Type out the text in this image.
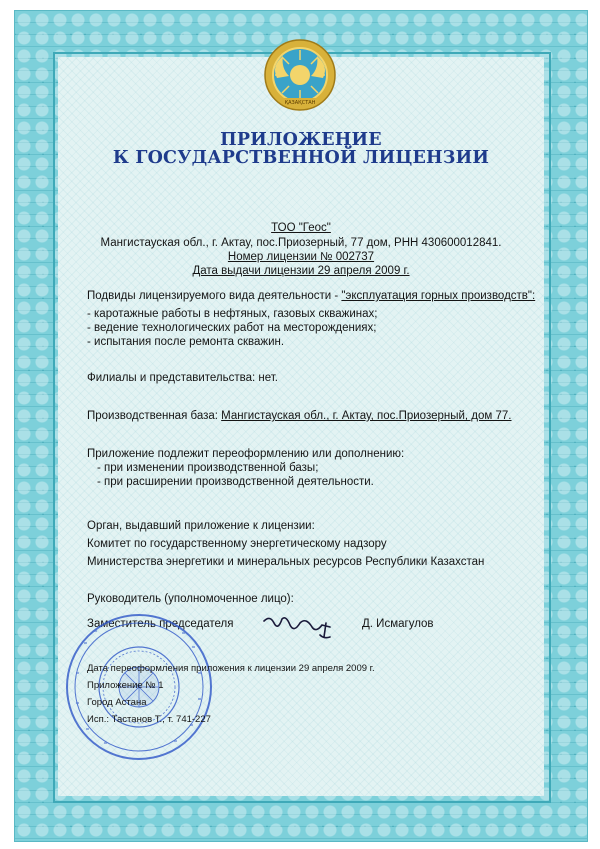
ҚАЗАҚСТАН
ПРИЛОЖЕНИЕ
К ГОСУДАРСТВЕННОЙ ЛИЦЕНЗИИ
ТОО "Геос"
Мангистауская обл., г. Актау, пос.Приозерный, 77 дом, РНН 430600012841.
Номер лицензии № 002737
Дата выдачи лицензии 29 апреля 2009 г.
Подвиды лицензируемого вида деятельности - "эксплуатация горных производств":
- каротажные работы в нефтяных, газовых скважинах;
- ведение технологических работ на месторождениях;
- испытания после ремонта скважин.
Филиалы и представительства: нет.
Производственная база: Мангистауская обл., г. Актау, пос.Приозерный, дом 77.
Приложение подлежит переоформлению или дополнению:
- при изменении производственной базы;
- при расширении производственной деятельности.
Орган, выдавший приложение к лицензии:
Комитет по государственному энергетическому надзору
Министерства энергетики и минеральных ресурсов Республики Казахстан
Руководитель (уполномоченное лицо):
Заместитель председателя	Д. Исмагулов
Дата переоформления приложения к лицензии 29 апреля 2009 г.
Приложение № 1
Город Астана
Исп.: Тастанов Т., т. 741-227
